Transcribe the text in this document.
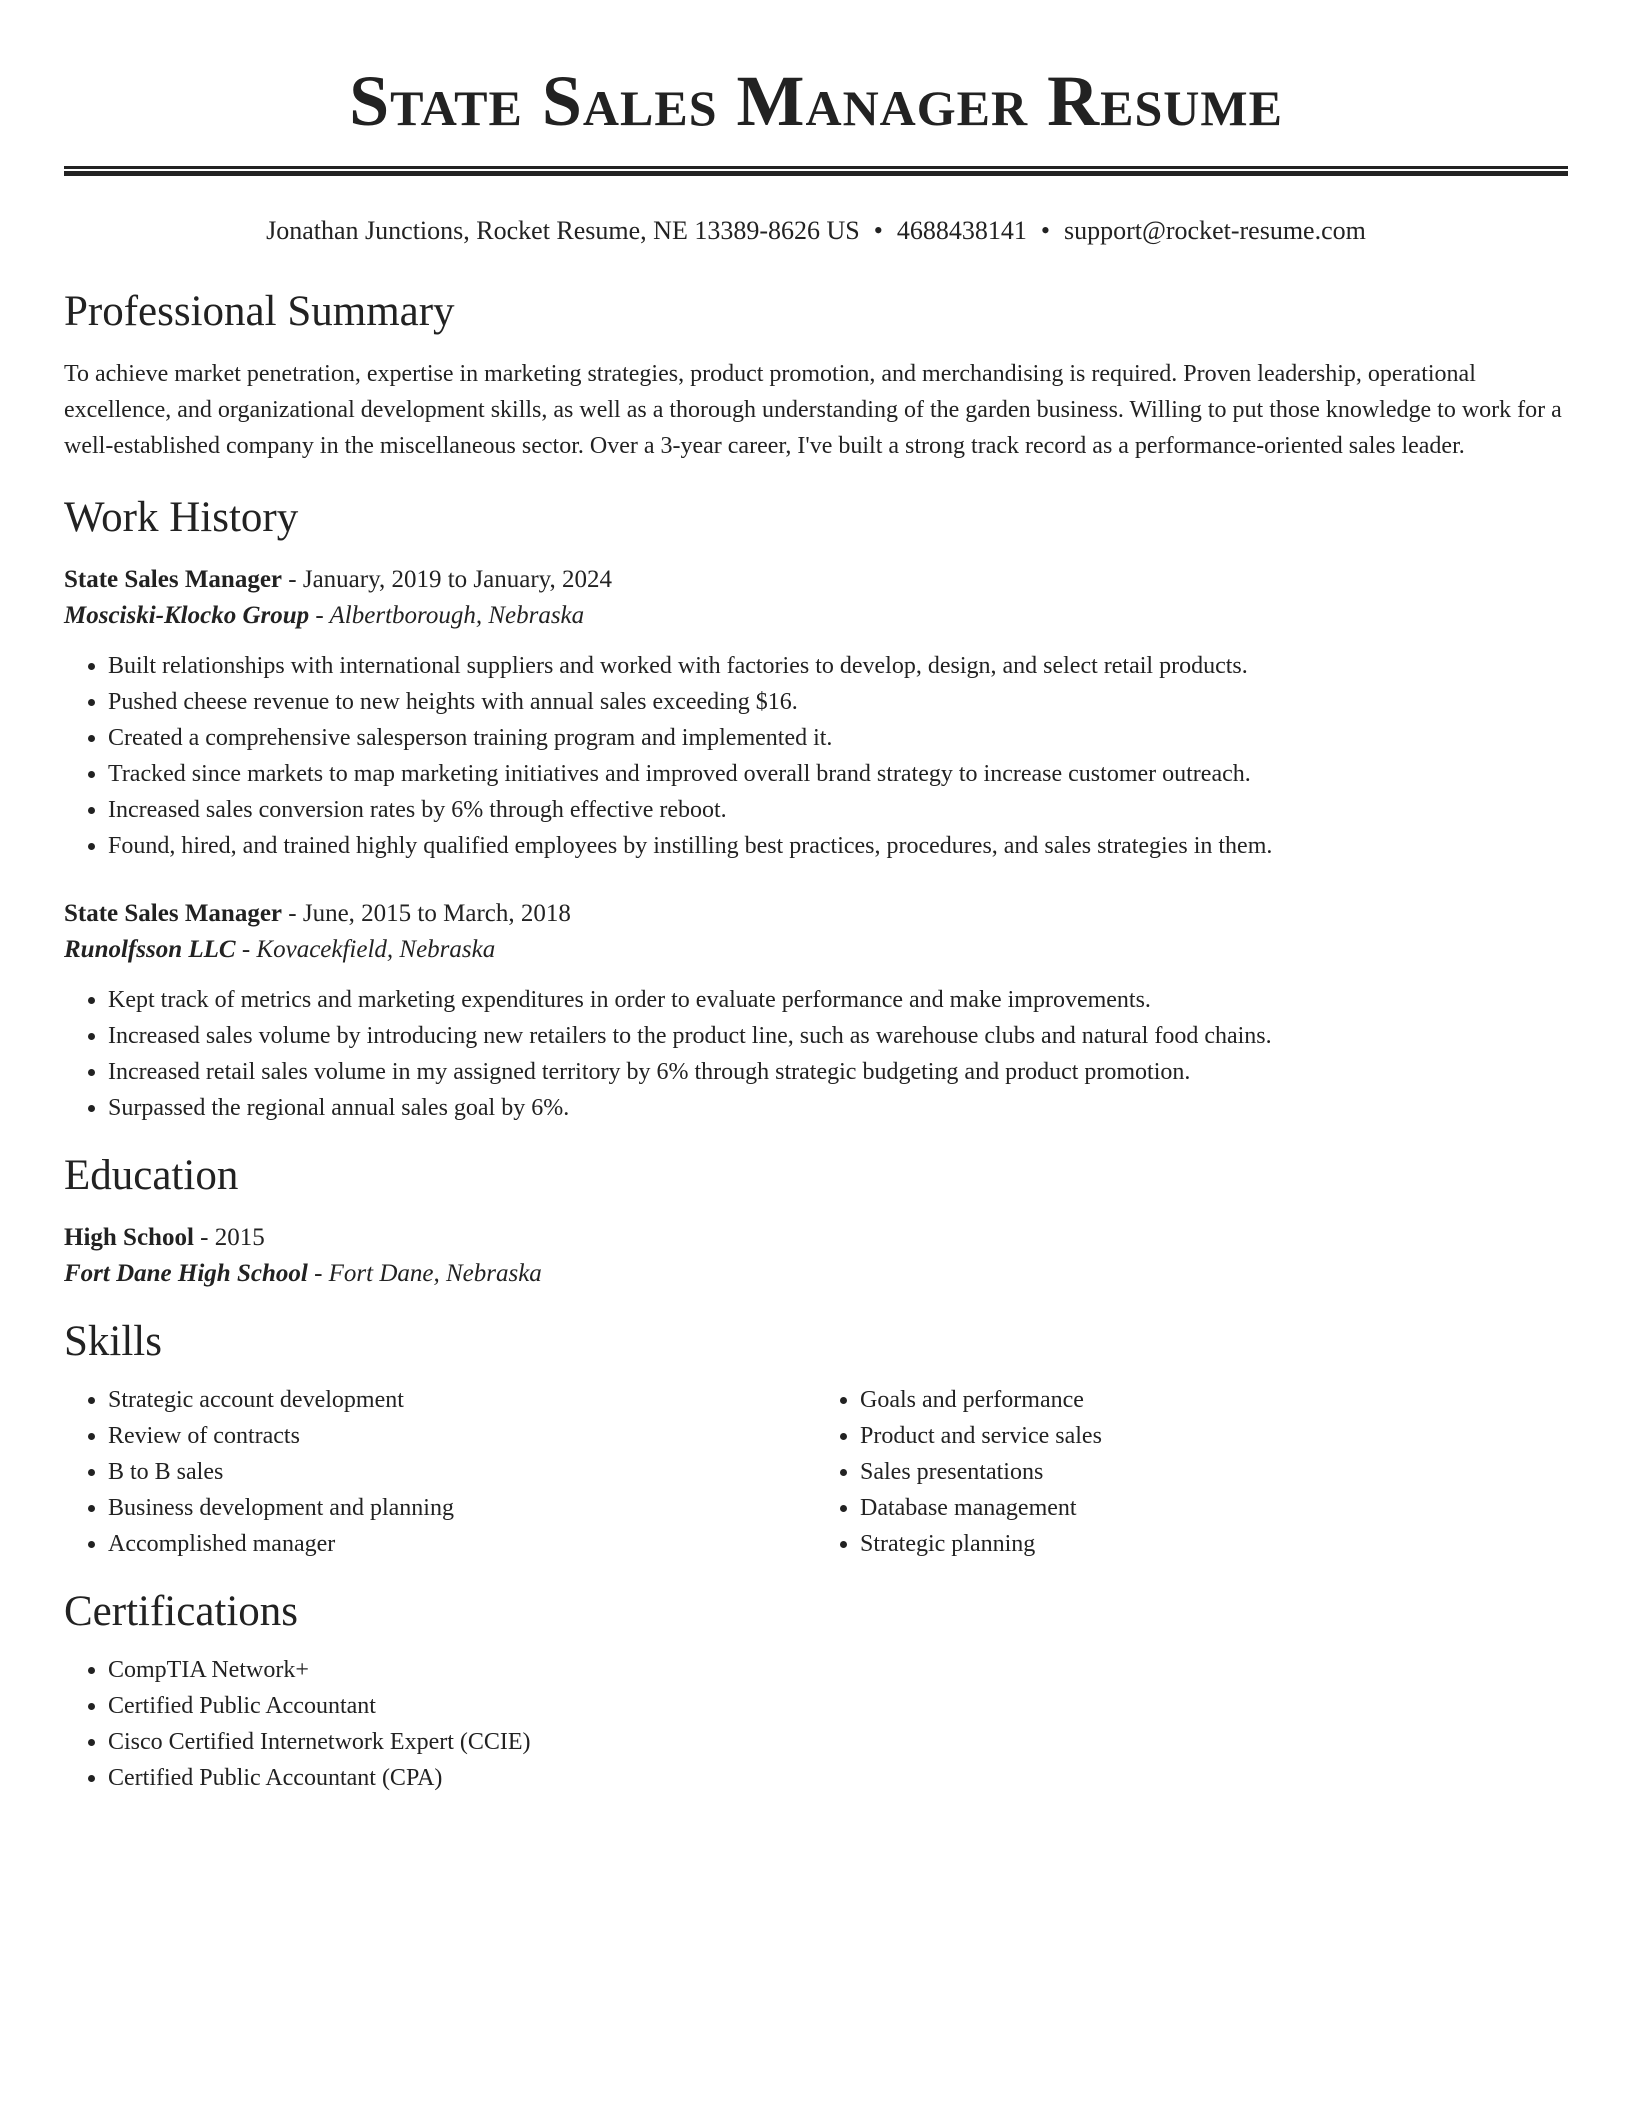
State Sales Manager Resume
Jonathan Junctions, Rocket Resume, NE 13389-8626 US • 4688438141 • support@rocket-resume.com
Professional Summary

To achieve market penetration, expertise in marketing strategies, product promotion, and merchandising is required. Proven leadership, operational excellence, and organizational development skills, as well as a thorough understanding of the garden business. Willing to put those knowledge to work for a well-established company in the miscellaneous sector. Over a 3-year career, I've built a strong track record as a performance-oriented sales leader.

Work History
State Sales Manager - January, 2019 to January, 2024
Mosciski-Klocko Group - Albertborough, Nebraska
• Built relationships with international suppliers and worked with factories to develop, design, and select retail products.
• Pushed cheese revenue to new heights with annual sales exceeding $16.
• Created a comprehensive salesperson training program and implemented it.
• Tracked since markets to map marketing initiatives and improved overall brand strategy to increase customer outreach.
• Increased sales conversion rates by 6% through effective reboot.
• Found, hired, and trained highly qualified employees by instilling best practices, procedures, and sales strategies in them.
State Sales Manager - June, 2015 to March, 2018
Runolfsson LLC - Kovacekfield, Nebraska
• Kept track of metrics and marketing expenditures in order to evaluate performance and make improvements.
• Increased sales volume by introducing new retailers to the product line, such as warehouse clubs and natural food chains.
• Increased retail sales volume in my assigned territory by 6% through strategic budgeting and product promotion.
• Surpassed the regional annual sales goal by 6%.
Education
High School - 2015
Fort Dane High School - Fort Dane, Nebraska
Skills
• Strategic account development
• Review of contracts
• B to B sales
• Business development and planning
• Accomplished manager
• Goals and performance
• Product and service sales
• Sales presentations
• Database management
• Strategic planning
Certifications
• CompTIA Network+
• Certified Public Accountant
• Cisco Certified Internetwork Expert (CCIE)
• Certified Public Accountant (CPA)
